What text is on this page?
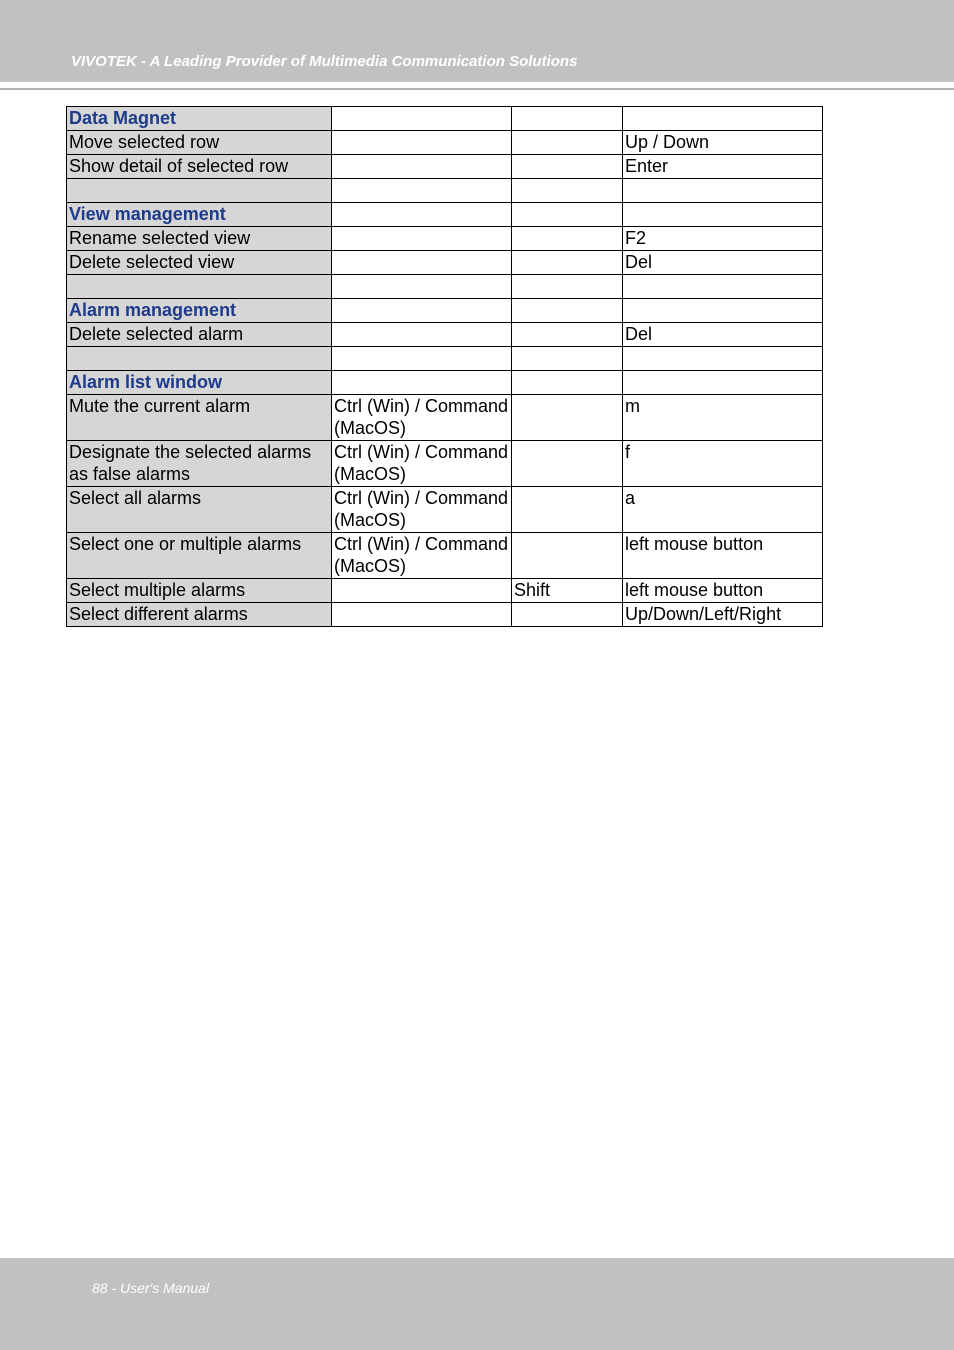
VIVOTEK - A Leading Provider of Multimedia Communication Solutions
Data Magnet			
Move selected row			Up / Down
Show detail of selected row			Enter

View management			
Rename selected view			F2
Delete selected view			Del

Alarm management			
Delete selected alarm			Del

Alarm list window			
Mute the current alarm	Ctrl (Win) / Command (MacOS)		m
Designate the selected alarms as false alarms	Ctrl (Win) / Command (MacOS)		f
Select all alarms	Ctrl (Win) / Command (MacOS)		a
Select one or multiple alarms	Ctrl (Win) / Command (MacOS)		left mouse button
Select multiple alarms		Shift	left mouse button
Select different alarms			Up/Down/Left/Right
88 - User's Manual
